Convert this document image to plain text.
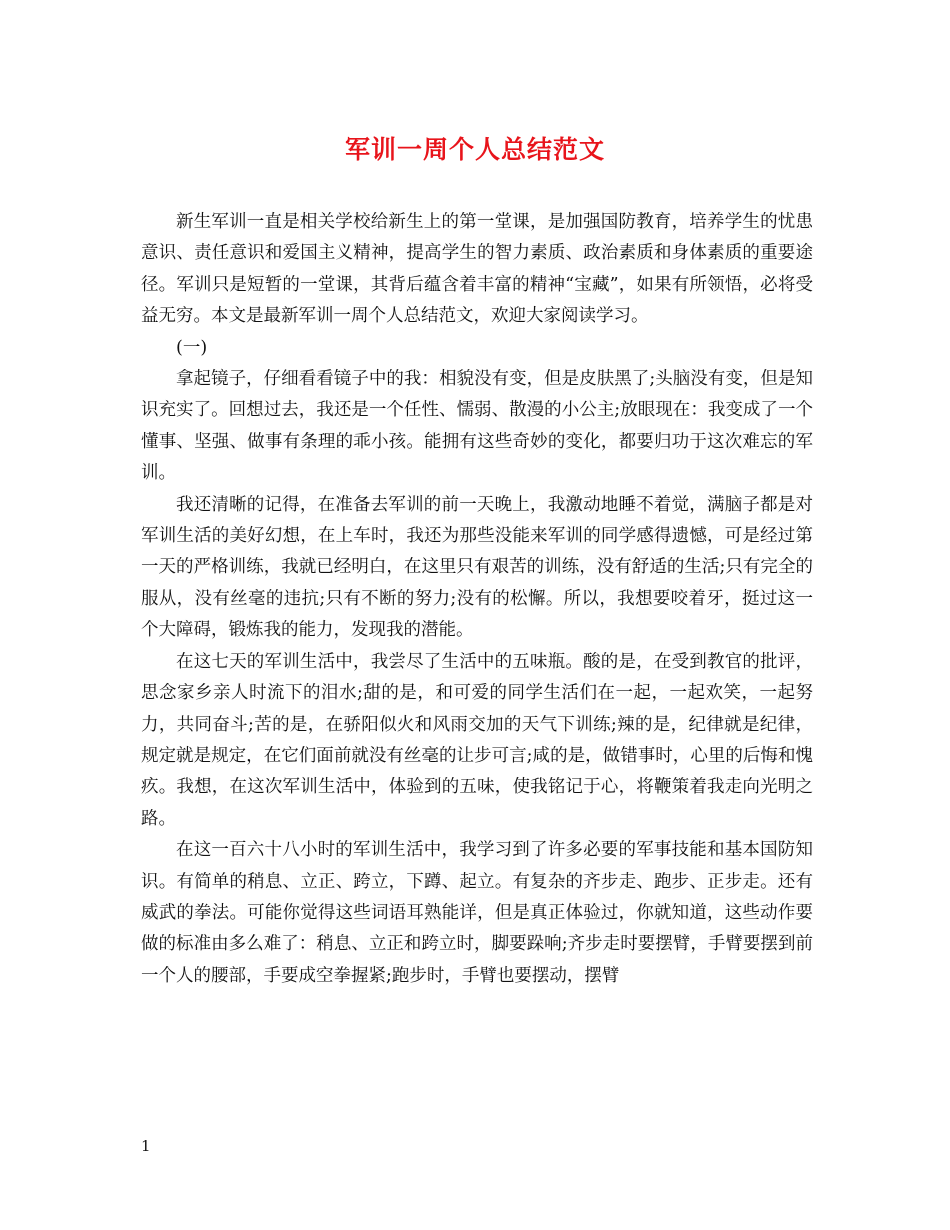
军训一周个人总结范文

新生军训一直是相关学校给新生上的第一堂课，是加强国防教育，培养学生的忧患意识、责任意识和爱国主义精神，提高学生的智力素质、政治素质和身体素质的重要途径。军训只是短暂的一堂课，其背后蕴含着丰富的精神“宝藏”，如果有所领悟，必将受益无穷。本文是最新军训一周个人总结范文，欢迎大家阅读学习。

(一)

拿起镜子，仔细看看镜子中的我：相貌没有变，但是皮肤黑了;头脑没有变，但是知识充实了。回想过去，我还是一个任性、懦弱、散漫的小公主;放眼现在：我变成了一个懂事、坚强、做事有条理的乖小孩。能拥有这些奇妙的变化，都要归功于这次难忘的军训。

我还清晰的记得，在准备去军训的前一天晚上，我激动地睡不着觉，满脑子都是对军训生活的美好幻想，在上车时，我还为那些没能来军训的同学感得遗憾，可是经过第一天的严格训练，我就已经明白，在这里只有艰苦的训练，没有舒适的生活;只有完全的服从，没有丝毫的违抗;只有不断的努力;没有的松懈。所以，我想要咬着牙，挺过这一个大障碍，锻炼我的能力，发现我的潜能。

在这七天的军训生活中，我尝尽了生活中的五味瓶。酸的是，在受到教官的批评，思念家乡亲人时流下的泪水;甜的是，和可爱的同学生活们在一起，一起欢笑，一起努力，共同奋斗;苦的是，在骄阳似火和风雨交加的天气下训练;辣的是，纪律就是纪律，规定就是规定，在它们面前就没有丝毫的让步可言;咸的是，做错事时，心里的后悔和愧疚。我想，在这次军训生活中，体验到的五味，使我铭记于心，将鞭策着我走向光明之路。

在这一百六十八小时的军训生活中，我学习到了许多必要的军事技能和基本国防知识。有简单的稍息、立正、跨立，下蹲、起立。有复杂的齐步走、跑步、正步走。还有威武的拳法。可能你觉得这些词语耳熟能详，但是真正体验过，你就知道，这些动作要做的标准由多么难了：稍息、立正和跨立时，脚要跺响;齐步走时要摆臂，手臂要摆到前一个人的腰部，手要成空拳握紧;跑步时，手臂也要摆动，摆臂

1
